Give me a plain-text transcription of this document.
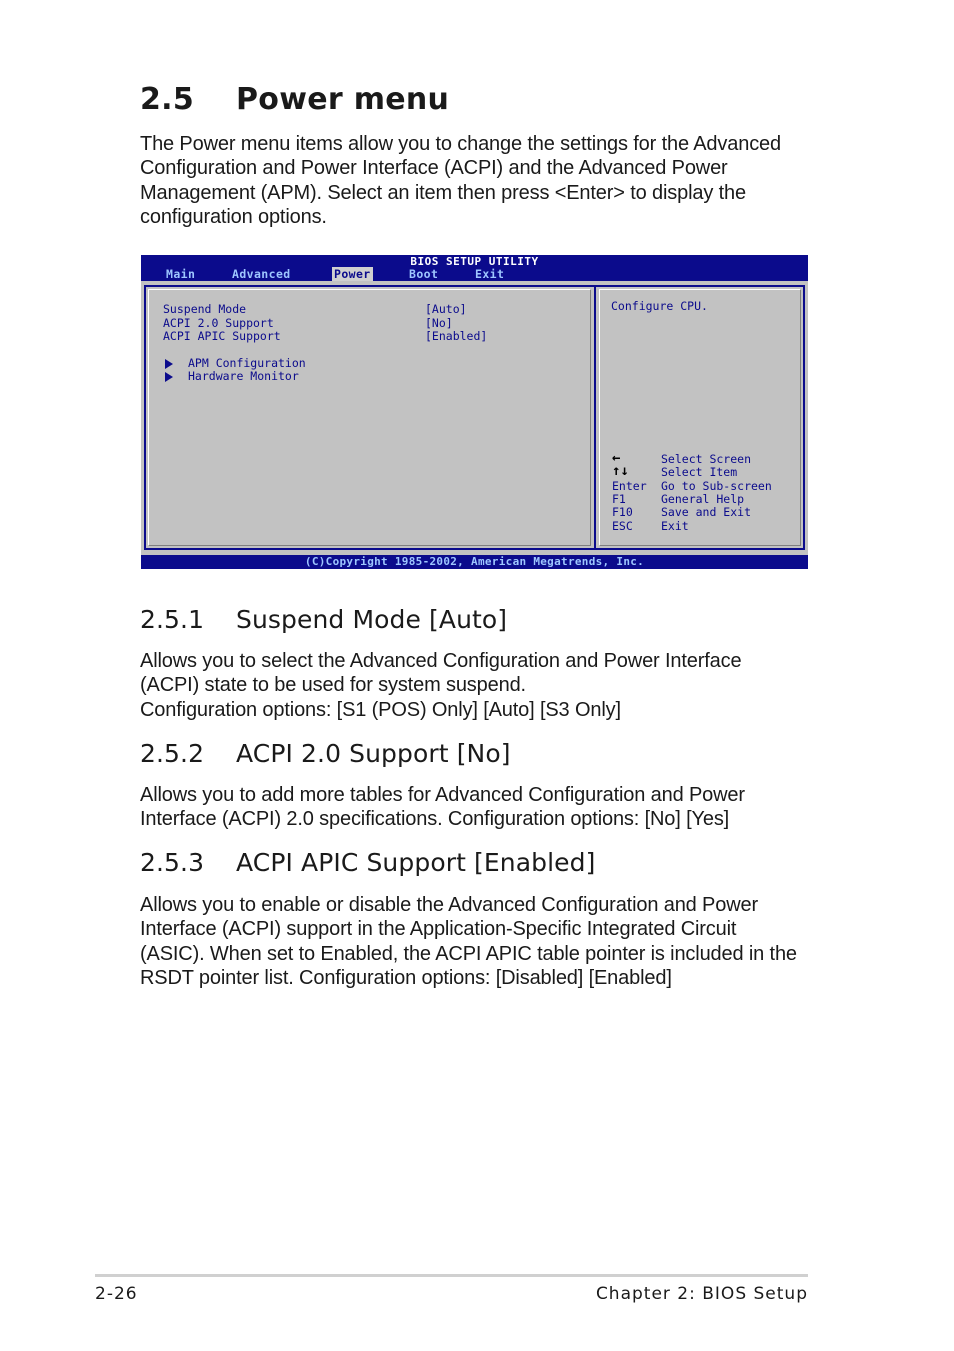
2.5 Power menu

The Power menu items allow you to change the settings for the Advanced Configuration and Power Interface (ACPI) and the Advanced Power Management (APM). Select an item then press <Enter> to display the configuration options.

BIOS SETUP UTILITY
Main	Advanced	Power	Boot	Exit
Suspend Mode	[Auto]
ACPI 2.0 Support	[No]
ACPI APIC Support	[Enabled]
APM Configuration
Hardware Monitor
Configure CPU.
←	Select Screen
↑↓	Select Item
Enter Go to Sub-screen
F1	General Help
F10 Save and Exit
ESC Exit
(C)Copyright 1985-2002, American Megatrends, Inc.
2.5.1 Suspend Mode [Auto]
Allows you to select the Advanced Configuration and Power Interface
(ACPI) state to be used for system suspend.
Configuration options: [S1 (POS) Only] [Auto] [S3 Only]
2.5.2 ACPI 2.0 Support [No]
Allows you to add more tables for Advanced Configuration and Power
Interface (ACPI) 2.0 specifications. Configuration options: [No] [Yes]
2.5.3 ACPI APIC Support [Enabled]
Allows you to enable or disable the Advanced Configuration and Power
Interface (ACPI) support in the Application-Specific Integrated Circuit
(ASIC). When set to Enabled, the ACPI APIC table pointer is included in the
RSDT pointer list. Configuration options: [Disabled] [Enabled]
2-26	Chapter 2: BIOS Setup
